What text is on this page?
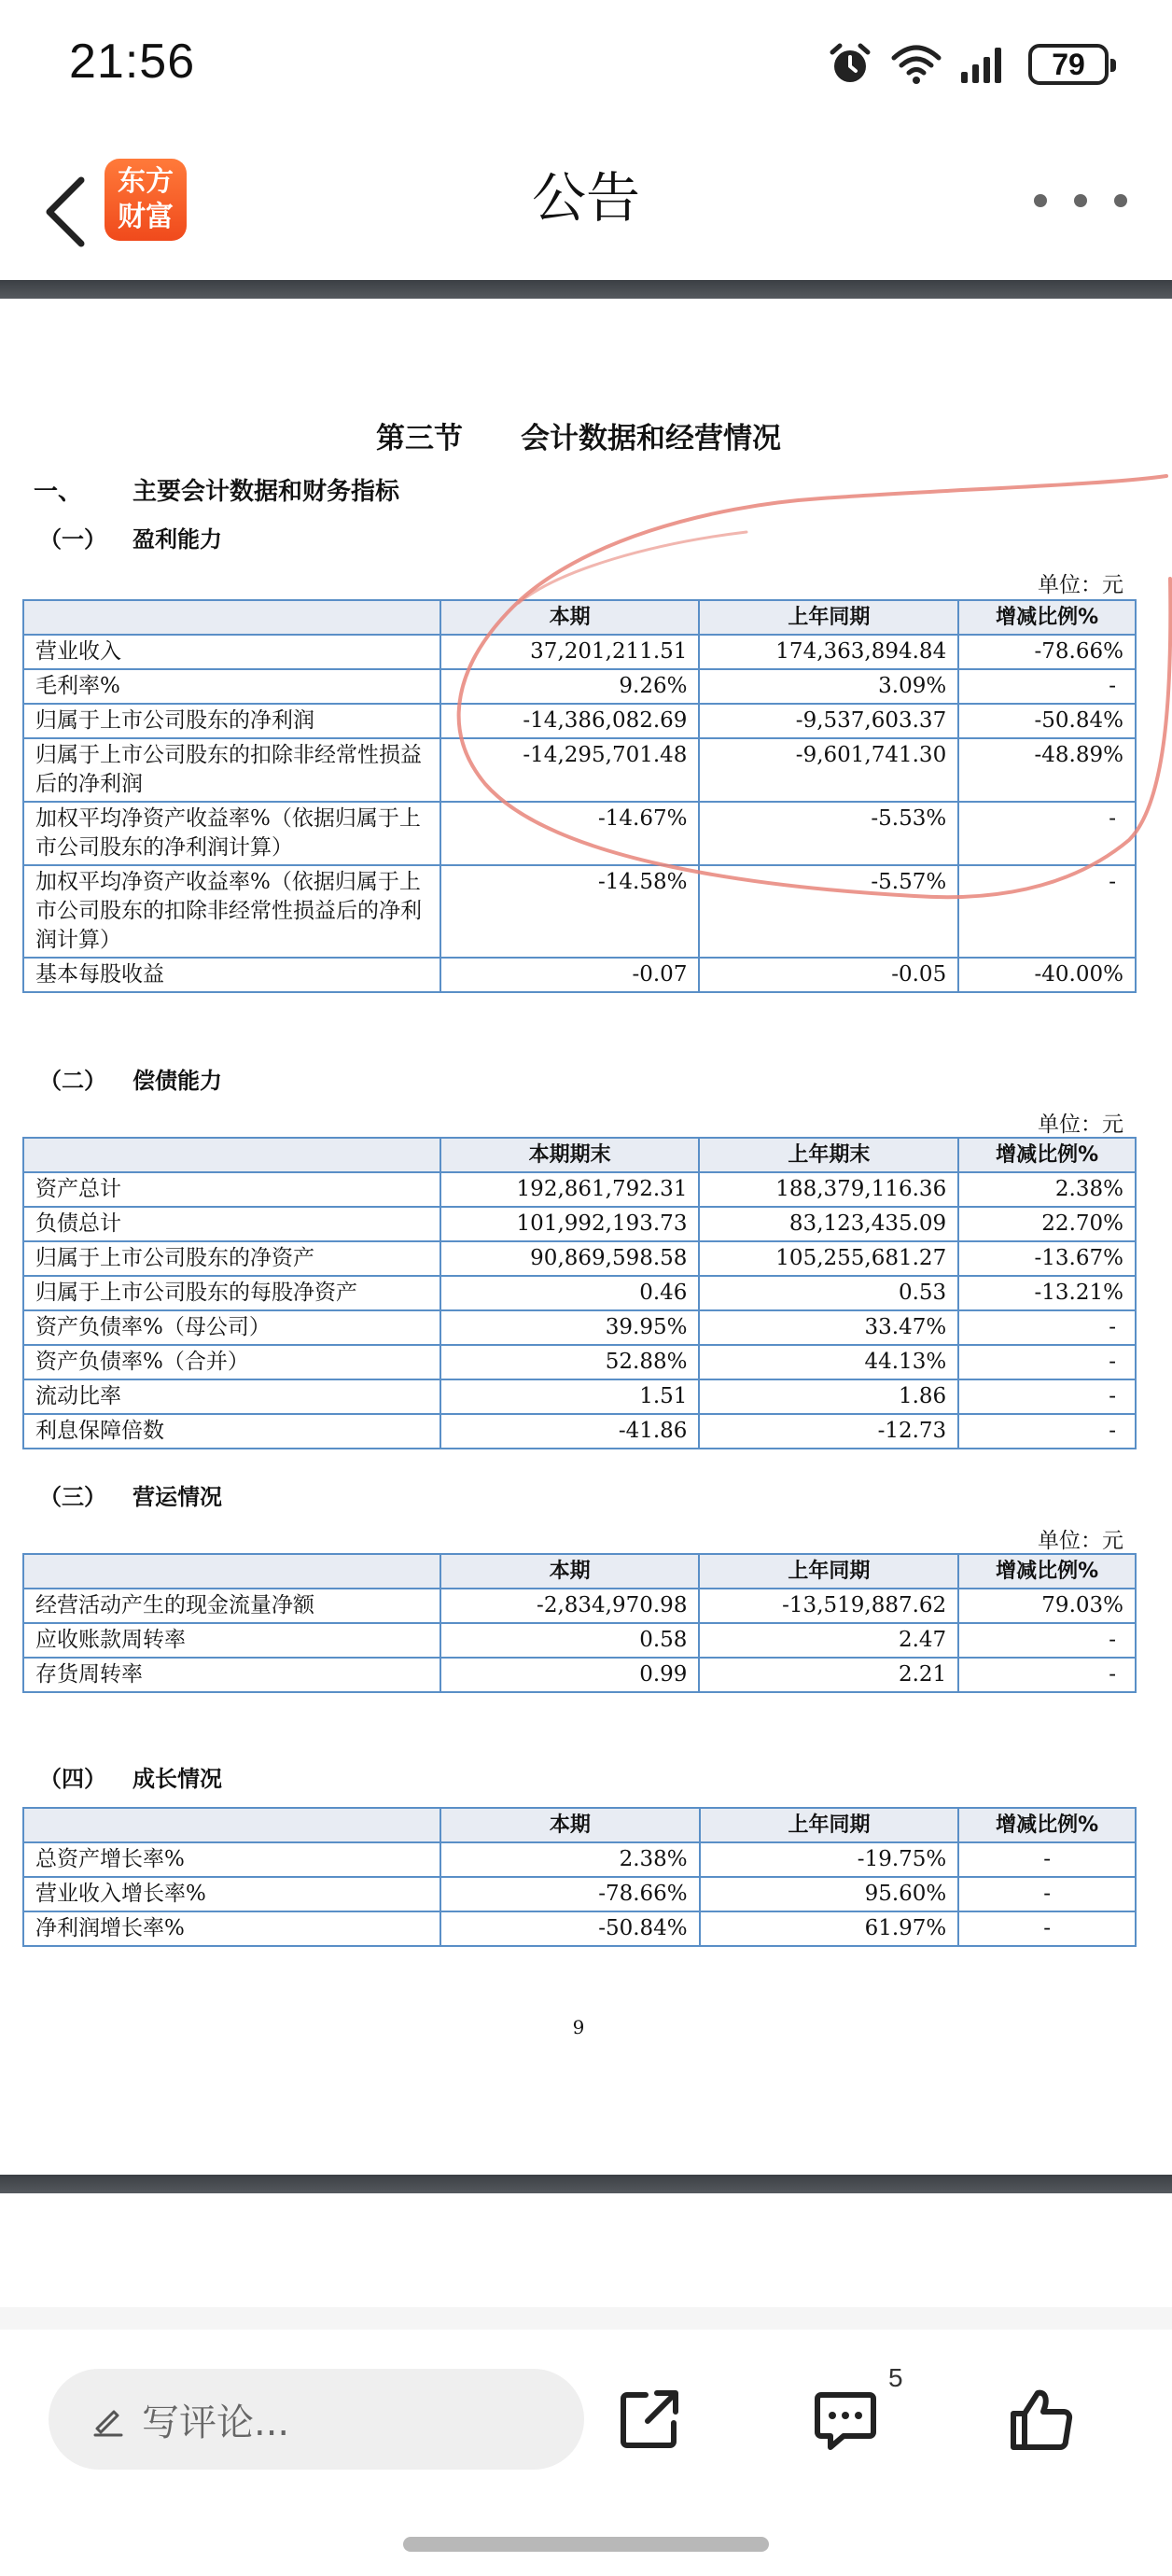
21:56	79
东方
财富	公告
第三节　　会计数据和经营情况
一、 主要会计数据和财务指标
（一） 盈利能力
单位：元
	本期	上年同期	增减比例%
营业收入	37,201,211.51	174,363,894.84	-78.66%
毛利率%	9.26%	3.09%	-
归属于上市公司股东的净利润	-14,386,082.69	-9,537,603.37	-50.84%
归属于上市公司股东的扣除非经常性损益后的净利润	-14,295,701.48	-9,601,741.30	-48.89%
加权平均净资产收益率%（依据归属于上市公司股东的净利润计算）	-14.67%	-5.53%	-
加权平均净资产收益率%（依据归属于上市公司股东的扣除非经常性损益后的净利润计算）	-14.58%	-5.57%	-
基本每股收益	-0.07	-0.05	-40.00%
（二） 偿债能力
单位：元
	本期期末	上年期末	增减比例%
资产总计	192,861,792.31	188,379,116.36	2.38%
负债总计	101,992,193.73	83,123,435.09	22.70%
归属于上市公司股东的净资产	90,869,598.58	105,255,681.27	-13.67%
归属于上市公司股东的每股净资产	0.46	0.53	-13.21%
资产负债率%（母公司）	39.95%	33.47%	-
资产负债率%（合并）	52.88%	44.13%	-
流动比率	1.51	1.86	-
利息保障倍数	-41.86	-12.73	-
（三） 营运情况
单位：元
	本期	上年同期	增减比例%
经营活动产生的现金流量净额	-2,834,970.98	-13,519,887.62	79.03%
应收账款周转率	0.58	2.47	-
存货周转率	0.99	2.21	-
（四） 成长情况
	本期	上年同期	增减比例%
总资产增长率%	2.38%	-19.75%	-
营业收入增长率%	-78.66%	95.60%	-
净利润增长率%	-50.84%	61.97%	-
9
写评论...
5
